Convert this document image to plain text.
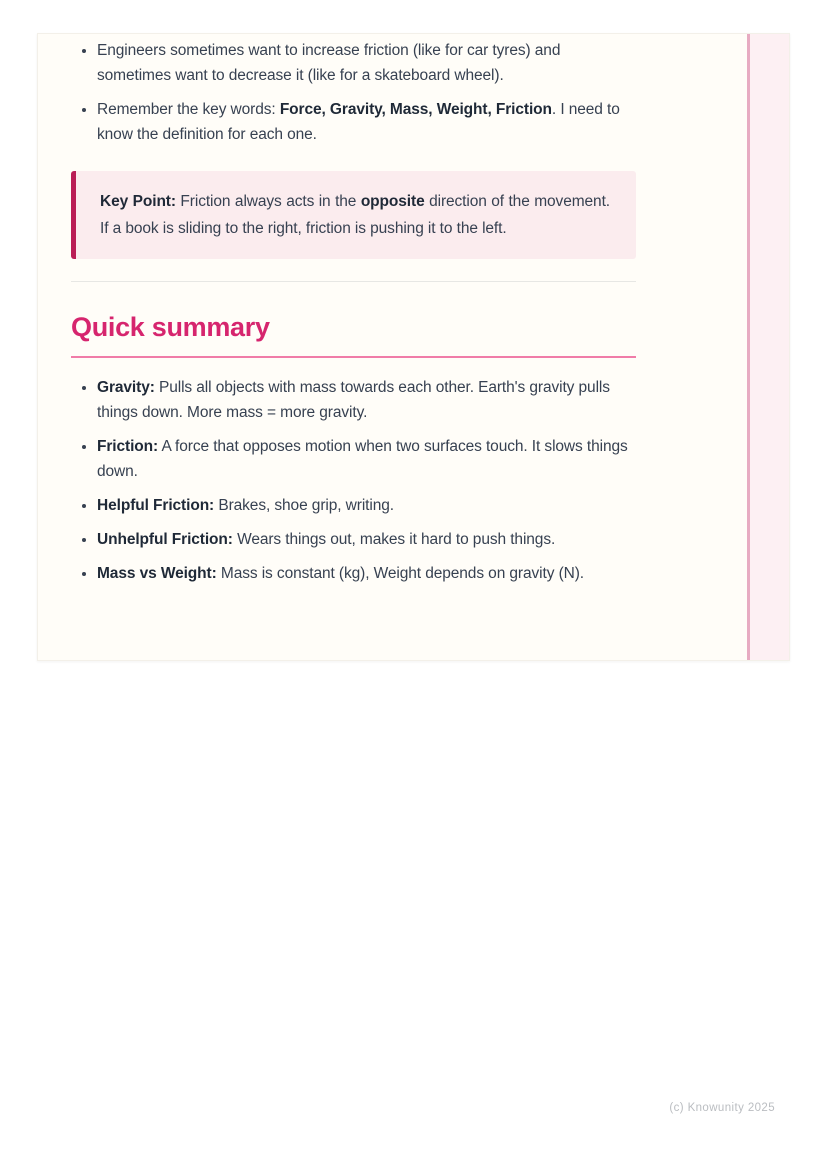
• Engineers sometimes want to increase friction (like for car tyres) and sometimes want to decrease it (like for a skateboard wheel).
• Remember the key words: Force, Gravity, Mass, Weight, Friction. I need to know the definition for each one.

Key Point: Friction always acts in the opposite direction of the movement. If a book is sliding to the right, friction is pushing it to the left.

Quick summary
• Gravity: Pulls all objects with mass towards each other. Earth's gravity pulls things down. More mass = more gravity.
• Friction: A force that opposes motion when two surfaces touch. It slows things down.
• Helpful Friction: Brakes, shoe grip, writing.
• Unhelpful Friction: Wears things out, makes it hard to push things.
• Mass vs Weight: Mass is constant (kg), Weight depends on gravity (N).
(c) Knowunity 2025
